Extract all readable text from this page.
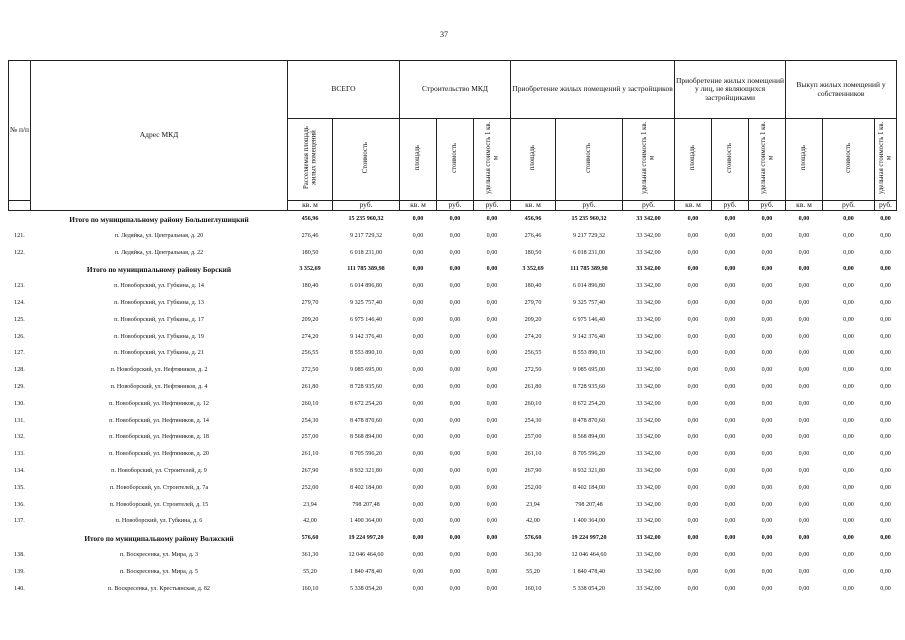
37
№ п/п	Адрес МКД	ВСЕГО		Строительство МКД			Приобретение жилых помещений у застройщиков			Приобретение жилых помещений у лиц, не являющихся застройщиками			Выкуп жилых помещений у собственников		
		Расселяемая площадь жилых помещений	Стоимость	площадь	стоимость	удельная стоимость 1 кв. м	площадь	стоимость	удельная стоимость 1 кв. м	площадь	стоимость	удельная стоимость 1 кв. м	площадь	стоимость	удельная стоимость 1 кв. м
		кв. м	руб.	кв. м	руб.	руб.	кв. м	руб.	руб.	кв. м	руб.	руб.	кв. м	руб.	руб.
	Итого по муниципальному району Большеглушицкий	456,96	15 235 960,32	0,00	0,00	0,00	456,96	15 235 960,32	33 342,00	0,00	0,00	0,00	0,00	0,00	0,00
121.	п. Ледяйка, ул. Центральная, д. 20	276,46	9 217 729,32	0,00	0,00	0,00	276,46	9 217 729,32	33 342,00	0,00	0,00	0,00	0,00	0,00	0,00
122.	п. Ледяйка, ул. Центральная, д. 22	180,50	6 018 231,00	0,00	0,00	0,00	180,50	6 018 231,00	33 342,00	0,00	0,00	0,00	0,00	0,00	0,00
	Итого по муниципальному району Борский	3 352,69	111 785 389,98	0,00	0,00	0,00	3 352,69	111 785 389,98	33 342,00	0,00	0,00	0,00	0,00	0,00	0,00
123.	п. Новоборский, ул. Губкина, д. 14	180,40	6 014 896,80	0,00	0,00	0,00	180,40	6 014 896,80	33 342,00	0,00	0,00	0,00	0,00	0,00	0,00
124.	п. Новоборский, ул. Губкина, д. 13	279,70	9 325 757,40	0,00	0,00	0,00	279,70	9 325 757,40	33 342,00	0,00	0,00	0,00	0,00	0,00	0,00
125.	п. Новоборский, ул. Губкина, д. 17	209,20	6 975 146,40	0,00	0,00	0,00	209,20	6 975 146,40	33 342,00	0,00	0,00	0,00	0,00	0,00	0,00
126.	п. Новоборский, ул. Губкина, д. 19	274,20	9 142 376,40	0,00	0,00	0,00	274,20	9 142 376,40	33 342,00	0,00	0,00	0,00	0,00	0,00	0,00
127.	п. Новоборский, ул. Губкина, д. 21	256,55	8 553 890,10	0,00	0,00	0,00	256,55	8 553 890,10	33 342,00	0,00	0,00	0,00	0,00	0,00	0,00
128.	п. Новоборский, ул. Нефтяников, д. 2	272,50	9 085 695,00	0,00	0,00	0,00	272,50	9 085 695,00	33 342,00	0,00	0,00	0,00	0,00	0,00	0,00
129.	п. Новоборский, ул. Нефтяников, д. 4	261,80	8 728 935,60	0,00	0,00	0,00	261,80	8 728 935,60	33 342,00	0,00	0,00	0,00	0,00	0,00	0,00
130.	п. Новоборский, ул. Нефтяников, д. 12	260,10	8 672 254,20	0,00	0,00	0,00	260,10	8 672 254,20	33 342,00	0,00	0,00	0,00	0,00	0,00	0,00
131.	п. Новоборский, ул. Нефтяников, д. 14	254,30	8 478 870,60	0,00	0,00	0,00	254,30	8 478 870,60	33 342,00	0,00	0,00	0,00	0,00	0,00	0,00
132.	п. Новоборский, ул. Нефтяников, д. 18	257,00	8 568 894,00	0,00	0,00	0,00	257,00	8 568 894,00	33 342,00	0,00	0,00	0,00	0,00	0,00	0,00
133.	п. Новоборский, ул. Нефтяников, д. 20	261,10	8 705 596,20	0,00	0,00	0,00	261,10	8 705 596,20	33 342,00	0,00	0,00	0,00	0,00	0,00	0,00
134.	п. Новоборский, ул. Строителей, д. 9	267,90	8 932 321,80	0,00	0,00	0,00	267,90	8 932 321,80	33 342,00	0,00	0,00	0,00	0,00	0,00	0,00
135.	п. Новоборский, ул. Строителей, д. 7а	252,00	8 402 184,00	0,00	0,00	0,00	252,00	8 402 184,00	33 342,00	0,00	0,00	0,00	0,00	0,00	0,00
136.	п. Новоборский, ул. Строителей, д. 15	23,94	798 207,48	0,00	0,00	0,00	23,94	798 207,48	33 342,00	0,00	0,00	0,00	0,00	0,00	0,00
137.	п. Новоборский, ул. Губкина, д. 6	42,00	1 400 364,00	0,00	0,00	0,00	42,00	1 400 364,00	33 342,00	0,00	0,00	0,00	0,00	0,00	0,00
	Итого по муниципальному району Волжский	576,60	19 224 997,20	0,00	0,00	0,00	576,60	19 224 997,20	33 342,00	0,00	0,00	0,00	0,00	0,00	0,00
138.	п. Воскресенка, ул. Мира, д. 3	361,30	12 046 464,60	0,00	0,00	0,00	361,30	12 046 464,60	33 342,00	0,00	0,00	0,00	0,00	0,00	0,00
139.	п. Воскресенка, ул. Мира, д. 5	55,20	1 840 478,40	0,00	0,00	0,00	55,20	1 840 478,40	33 342,00	0,00	0,00	0,00	0,00	0,00	0,00
140.	п. Воскресенка, ул. Крестьянская, д. 82	160,10	5 338 054,20	0,00	0,00	0,00	160,10	5 338 054,20	33 342,00	0,00	0,00	0,00	0,00	0,00	0,00
